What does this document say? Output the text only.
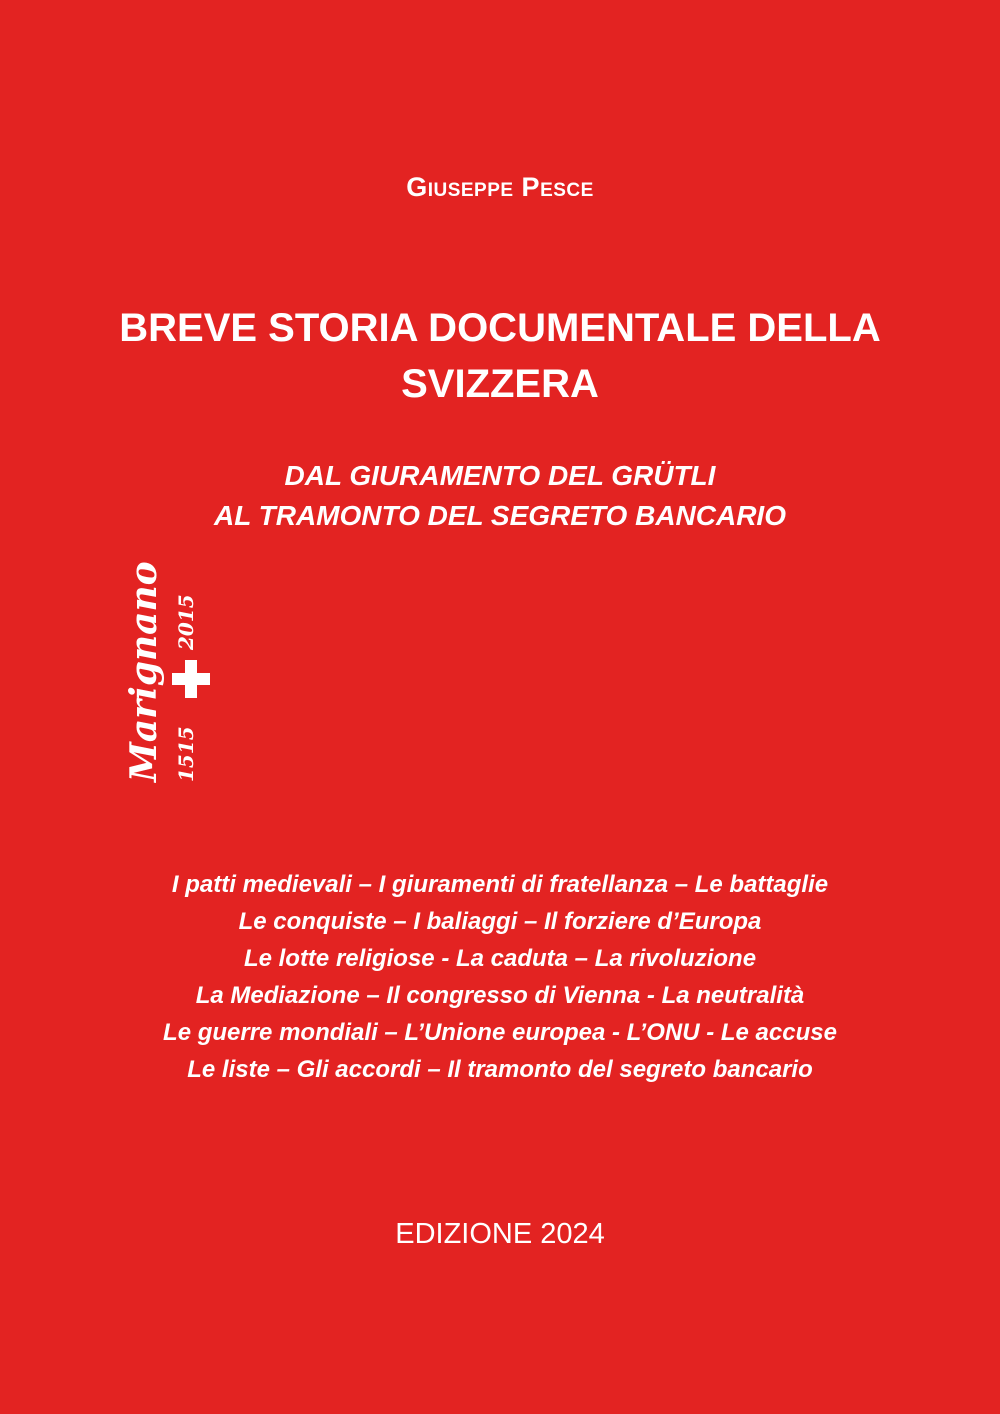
Giuseppe Pesce
BREVE STORIA DOCUMENTALE DELLA
SVIZZERA
DAL GIURAMENTO DEL GRÜTLI
AL TRAMONTO DEL SEGRETO BANCARIO
Marignano 1515
2015
I patti medievali – I giuramenti di fratellanza – Le battaglie
Le conquiste – I baliaggi – Il forziere d’Europa
Le lotte religiose - La caduta – La rivoluzione
La Mediazione – Il congresso di Vienna - La neutralità
Le guerre mondiali – L’Unione europea - L’ONU - Le accuse
Le liste – Gli accordi – Il tramonto del segreto bancario
EDIZIONE 2024
